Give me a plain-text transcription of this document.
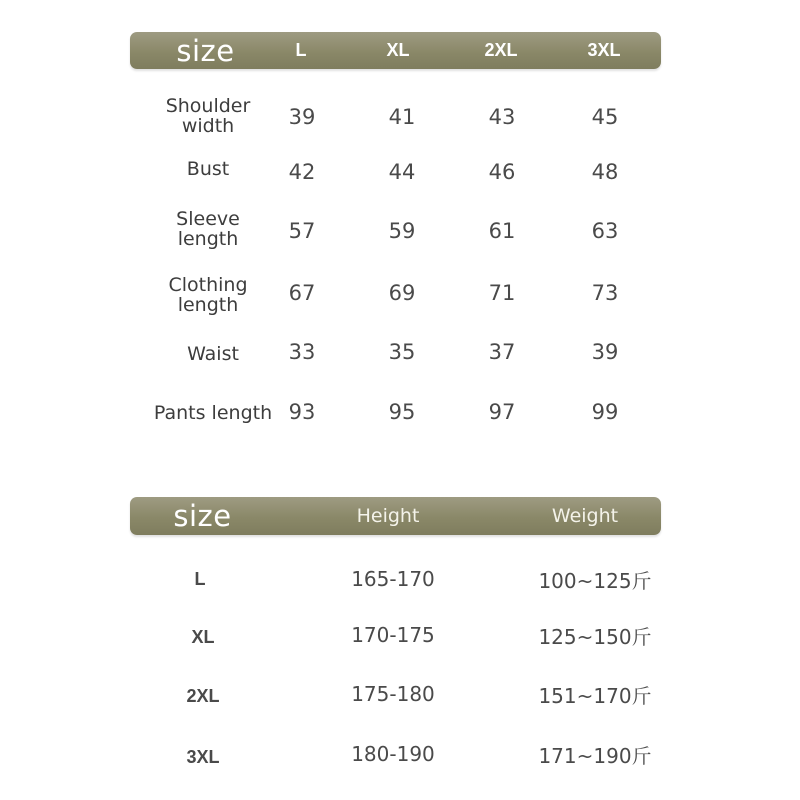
size	L	XL	2XL	3XL
Shoulder width	39	41	43	45
Bust	42	44	46	48
Sleeve length	57	59	61	63
Clothing length	67	69	71	73
Waist	33	35	37	39
Pants length 93	95	97	99
size	Height	Weight
L	165-170	100~125斤
XL	170-175	125~150斤
2XL	175-180	151~170斤
3XL	180-190	171~190斤
